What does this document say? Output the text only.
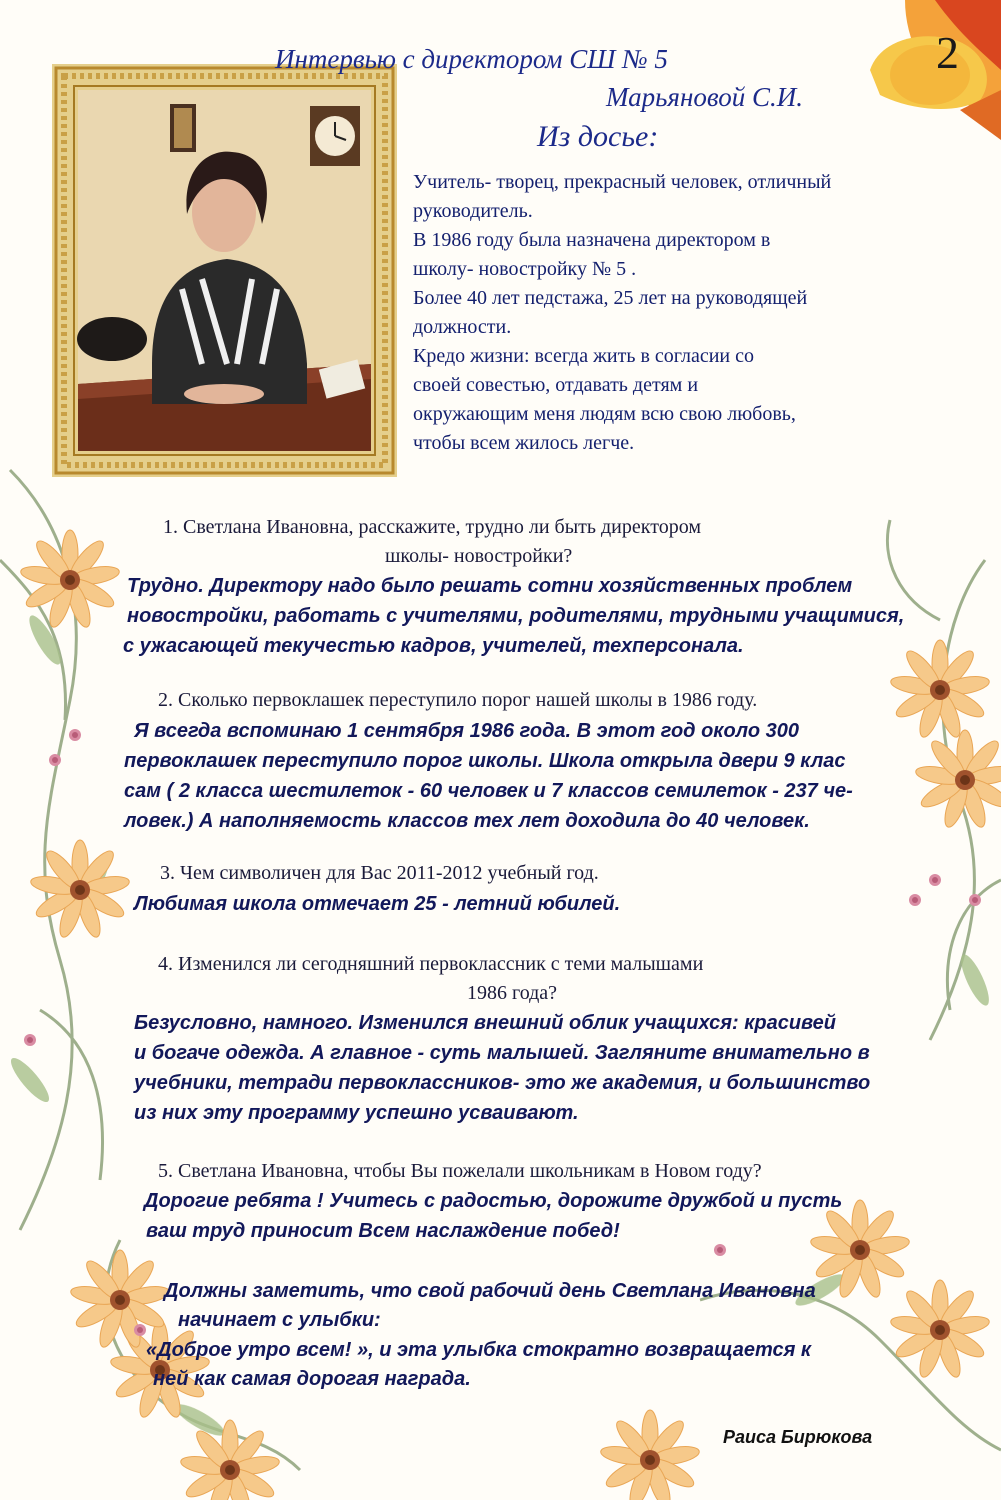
2
Интервью с директором СШ № 5
Марьяновой С.И.
Из досье:
Учитель- творец, прекрасный человек, отличный
руководитель.
В 1986 году была назначена директором в
школу- новостройку № 5 .
Более 40 лет педстажа, 25 лет на руководящей
должности.
Кредо жизни: всегда жить в согласии со
своей совестью, отдавать детям и
окружающим меня людям всю свою любовь,
чтобы всем жилось легче.
1. Светлана Ивановна, расскажите, трудно ли быть директором
школы- новостройки?
Трудно. Директору надо было решать сотни хозяйственных проблем
новостройки, работать с учителями, родителями, трудными учащимися,
с ужасающей текучестью кадров, учителей, техперсонала.
2. Сколько первоклашек переступило порог нашей школы в 1986 году.
Я всегда вспоминаю 1 сентября 1986 года. В этот год около 300
первоклашек переступило порог школы. Школа открыла двери 9 клас
сам ( 2 класса шестилеток - 60 человек и 7 классов семилеток - 237 че-
ловек.) А наполняемость классов тех лет доходила до 40 человек.
3. Чем символичен для Вас 2011-2012 учебный год.
Любимая школа отмечает 25 - летний юбилей.
4. Изменился ли сегодняшний первоклассник с теми малышами
1986 года?
Безусловно, намного. Изменился внешний облик учащихся: красивей
и богаче одежда. А главное - суть малышей. Загляните внимательно в
учебники, тетради первоклассников- это же академия, и большинство
из них эту программу успешно усваивают.
5. Светлана Ивановна, чтобы Вы пожелали школьникам в Новом году?
Дорогие ребята ! Учитесь с радостью, дорожите дружбой и пусть
ваш труд приносит Всем наслаждение побед!
Должны заметить, что свой рабочий день Светлана Ивановна
начинает с улыбки:
«Доброе утро всем! », и эта улыбка стократно возвращается к
ней как самая дорогая награда.
Раиса Бирюкова
